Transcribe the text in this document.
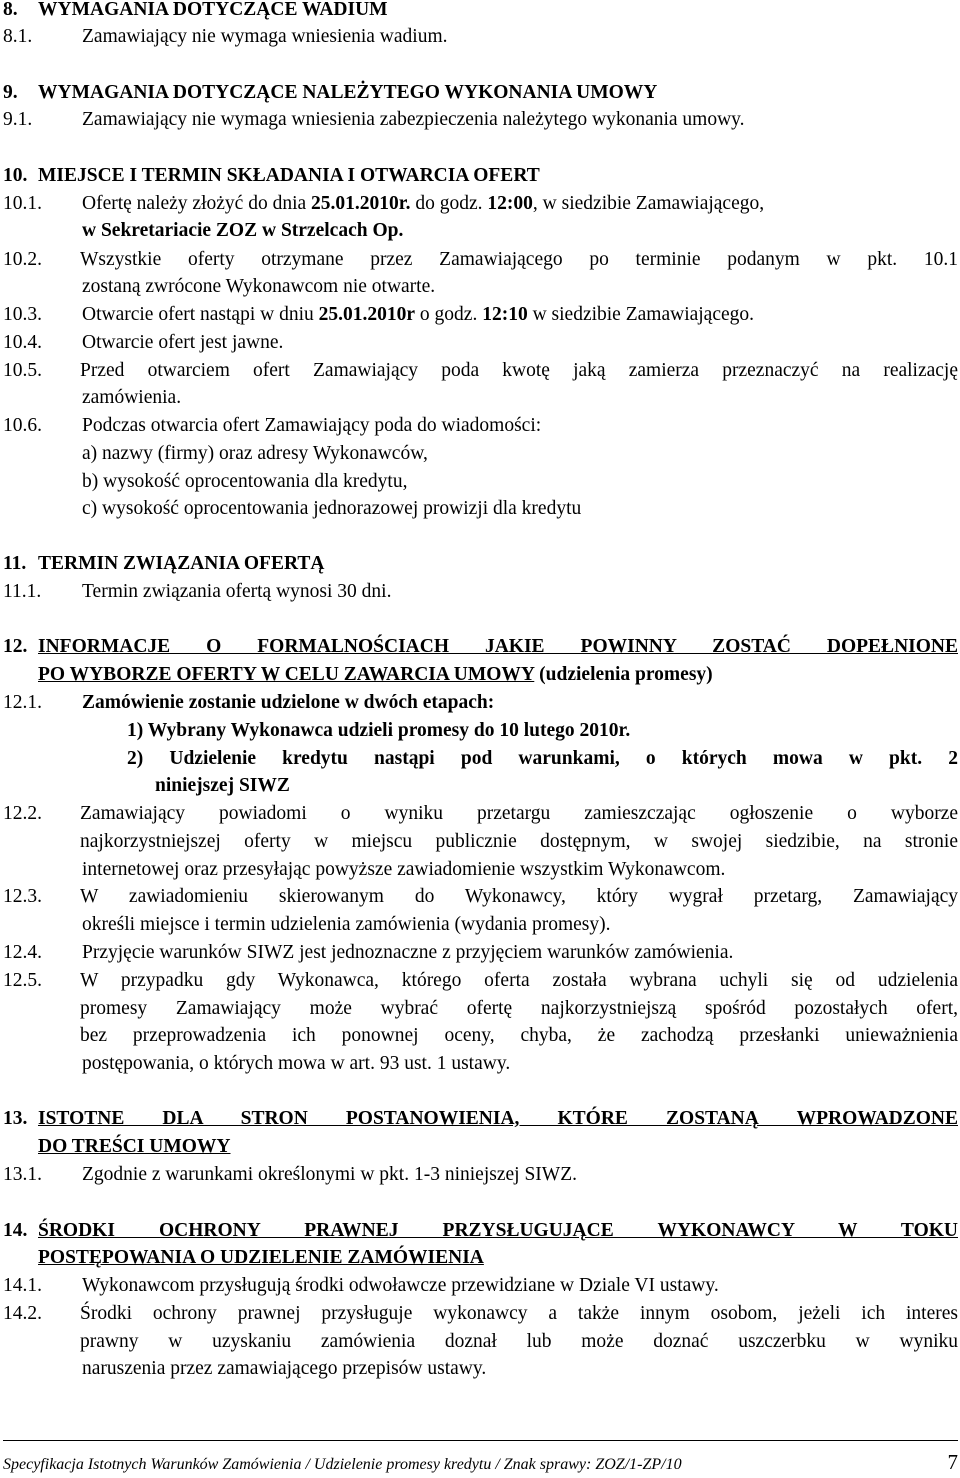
8. WYMAGANIA DOTYCZĄCE WADIUM
8.1.	Zamawiający nie wymaga wniesienia wadium.
9. WYMAGANIA DOTYCZĄCE NALEŻYTEGO WYKONANIA UMOWY
9.1.	Zamawiający nie wymaga wniesienia zabezpieczenia należytego wykonania umowy.
10. MIEJSCE I TERMIN SKŁADANIA I OTWARCIA OFERT
10.1. Ofertę należy złożyć do dnia 25.01.2010r. do godz. 12:00, w siedzibie Zamawiającego,
w Sekretariacie ZOZ w Strzelcach Op.
10.2. Wszystkie oferty otrzymane przez Zamawiającego po terminie podanym w pkt. 10.1
zostaną zwrócone Wykonawcom nie otwarte.
10.3. Otwarcie ofert nastąpi w dniu 25.01.2010r o godz. 12:10 w siedzibie Zamawiającego.
10.4. Otwarcie ofert jest jawne.
10.5. Przed otwarciem ofert Zamawiający poda kwotę jaką zamierza przeznaczyć na realizację
zamówienia.
10.6. Podczas otwarcia ofert Zamawiający poda do wiadomości:
a) nazwy (firmy) oraz adresy Wykonawców,
b) wysokość oprocentowania dla kredytu,
c) wysokość oprocentowania jednorazowej prowizji dla kredytu
11. TERMIN ZWIĄZANIA OFERTĄ
11.1. Termin związania ofertą wynosi 30 dni.
12. INFORMACJE O FORMALNOŚCIACH JAKIE POWINNY ZOSTAĆ DOPEŁNIONE
PO WYBORZE OFERTY W CELU ZAWARCIA UMOWY (udzielenia promesy)
12.1. Zamówienie zostanie udzielone w dwóch etapach:
1) Wybrany Wykonawca udzieli promesy do 10 lutego 2010r.
2) Udzielenie kredytu nastąpi pod warunkami, o których mowa w pkt. 2
niniejszej SIWZ
12.2. Zamawiający powiadomi o wyniku przetargu zamieszczając ogłoszenie o wyborze
najkorzystniejszej oferty w miejscu publicznie dostępnym, w swojej siedzibie, na stronie
internetowej oraz przesyłając powyższe zawiadomienie wszystkim Wykonawcom.
12.3. W zawiadomieniu skierowanym do Wykonawcy, który wygrał przetarg, Zamawiający
określi miejsce i termin udzielenia zamówienia (wydania promesy).
12.4. Przyjęcie warunków SIWZ jest jednoznaczne z przyjęciem warunków zamówienia.
12.5. W przypadku gdy Wykonawca, którego oferta została wybrana uchyli się od udzielenia
promesy Zamawiający może wybrać ofertę najkorzystniejszą spośród pozostałych ofert,
bez przeprowadzenia ich ponownej oceny, chyba, że zachodzą przesłanki unieważnienia
postępowania, o których mowa w art. 93 ust. 1 ustawy.
13. ISTOTNE DLA STRON POSTANOWIENIA, KTÓRE ZOSTANĄ WPROWADZONE
DO TREŚCI UMOWY
13.1. Zgodnie z warunkami określonymi w pkt. 1-3 niniejszej SIWZ.
14. ŚRODKI OCHRONY PRAWNEJ PRZYSŁUGUJĄCE WYKONAWCY W TOKU
POSTĘPOWANIA O UDZIELENIE ZAMÓWIENIA
14.1. Wykonawcom przysługują środki odwoławcze przewidziane w Dziale VI ustawy.
14.2. Środki ochrony prawnej przysługuje wykonawcy a także innym osobom, jeżeli ich interes
prawny w uzyskaniu zamówienia doznał lub może doznać uszczerbku w wyniku
naruszenia przez zamawiającego przepisów ustawy.
Specyfikacja Istotnych Warunków Zamówienia / Udzielenie promesy kredytu / Znak sprawy: ZOZ/1-ZP/10	7
